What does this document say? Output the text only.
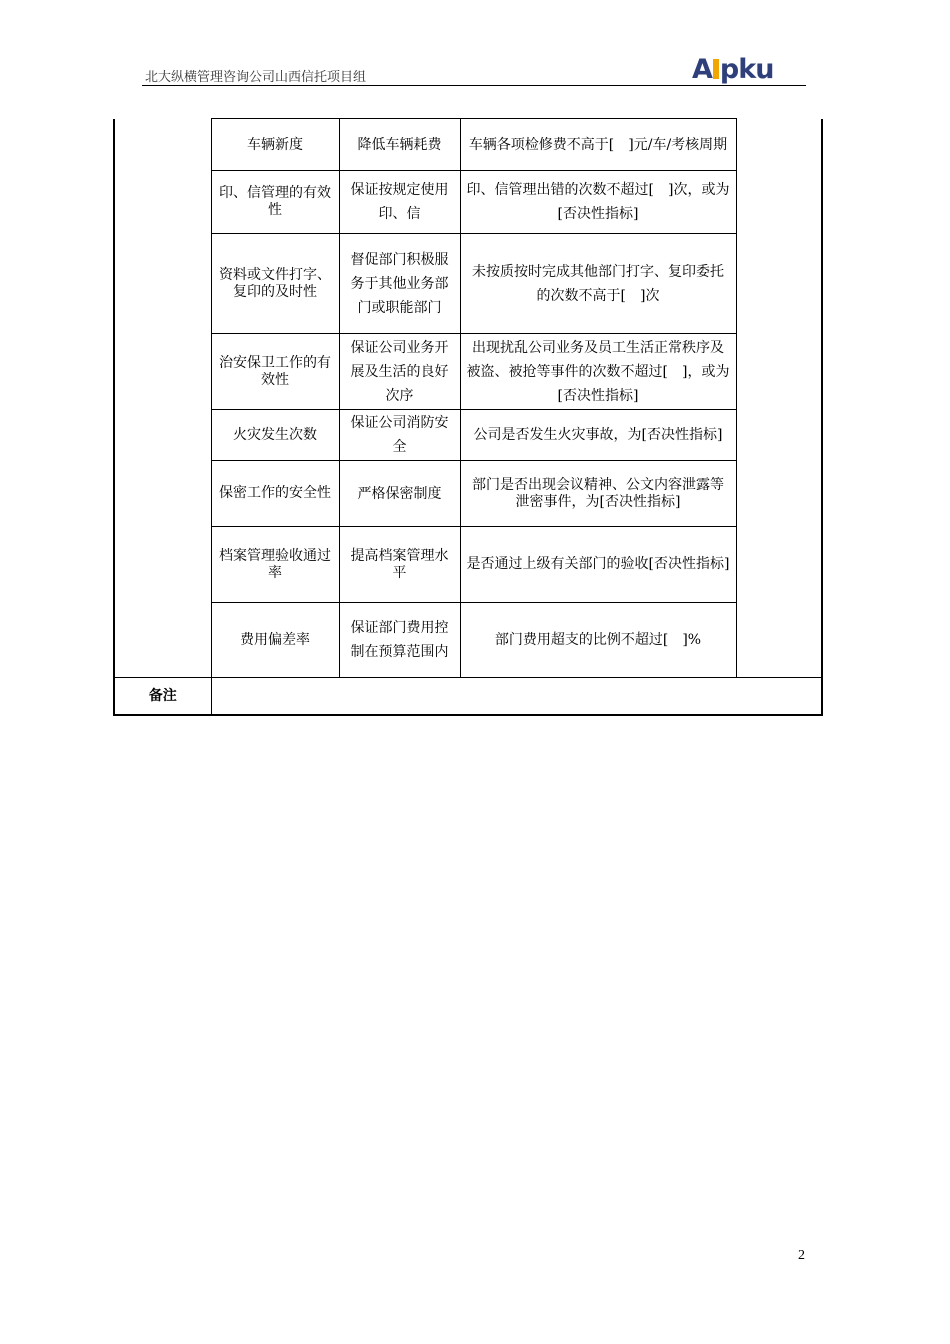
北大纵横管理咨询公司山西信托项目组	A pku
	车辆新度	降低车辆耗费	车辆各项检修费不高于[　]元/车/考核周期	
	印、信管理的有效性	保证按规定使用印、信	印、信管理出错的次数不超过[　]次，或为[否决性指标]	
	资料或文件打字、复印的及时性	督促部门积极服务于其他业务部门或职能部门	未按质按时完成其他部门打字、复印委托的次数不高于[　]次	
	治安保卫工作的有效性	保证公司业务开展及生活的良好次序	出现扰乱公司业务及员工生活正常秩序及被盗、被抢等事件的次数不超过[　]，或为[否决性指标]	
	火灾发生次数	保证公司消防安全	公司是否发生火灾事故，为[否决性指标]	
	保密工作的安全性	严格保密制度	部门是否出现会议精神、公文内容泄露等泄密事件，为[否决性指标]	
	档案管理验收通过率	提高档案管理水平	是否通过上级有关部门的验收[否决性指标]	
	费用偏差率	保证部门费用控制在预算范围内	部门费用超支的比例不超过[　]%	
备注				
2
